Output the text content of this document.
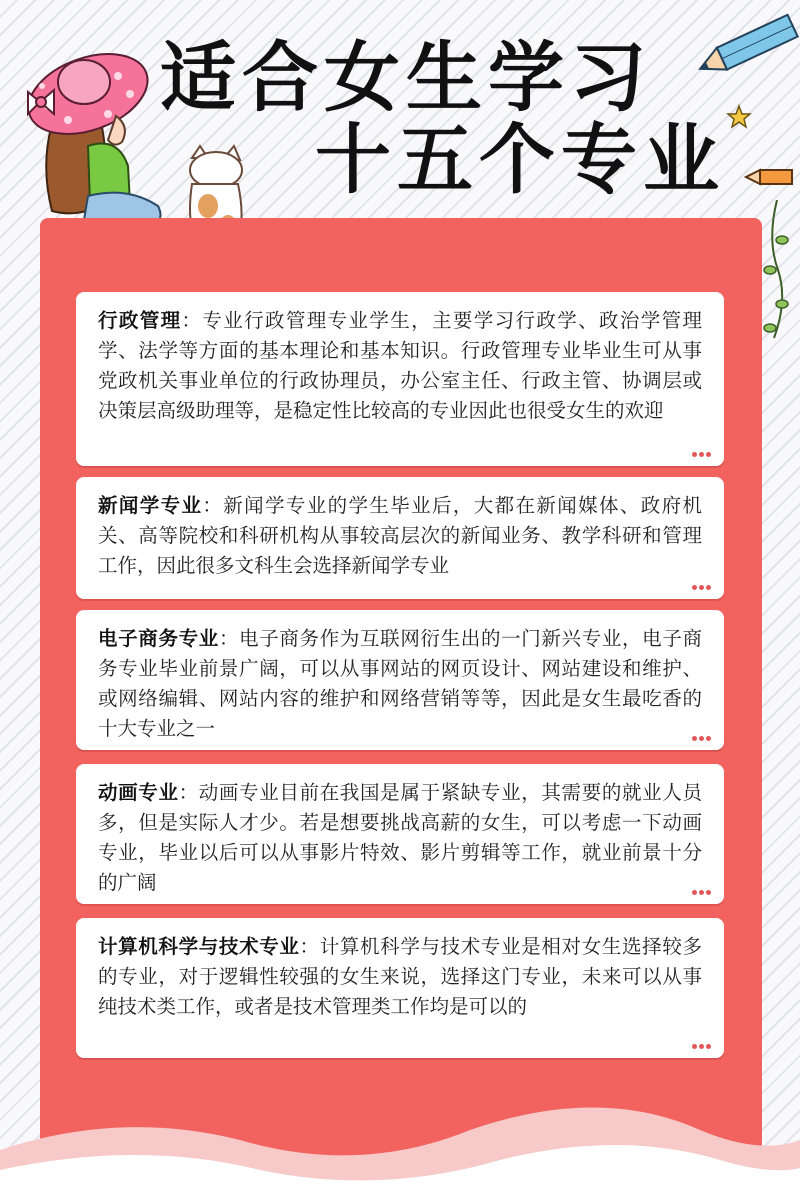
适合女生学习
十五个专业

行政管理：专业行政管理专业学生，主要学习行政学、政治学管理学、法学等方面的基本理论和基本知识。行政管理专业毕业生可从事党政机关事业单位的行政协理员，办公室主任、行政主管、协调层或决策层高级助理等，是稳定性比较高的专业因此也很受女生的欢迎

新闻学专业：新闻学专业的学生毕业后，大都在新闻媒体、政府机关、高等院校和科研机构从事较高层次的新闻业务、教学科研和管理工作，因此很多文科生会选择新闻学专业

电子商务专业：电子商务作为互联网衍生出的一门新兴专业，电子商务专业毕业前景广阔，可以从事网站的网页设计、网站建设和维护、或网络编辑、网站内容的维护和网络营销等等，因此是女生最吃香的十大专业之一

动画专业：动画专业目前在我国是属于紧缺专业，其需要的就业人员多，但是实际人才少。若是想要挑战高薪的女生，可以考虑一下动画专业，毕业以后可以从事影片特效、影片剪辑等工作，就业前景十分的广阔

计算机科学与技术专业：计算机科学与技术专业是相对女生选择较多的专业，对于逻辑性较强的女生来说，选择这门专业，未来可以从事纯技术类工作，或者是技术管理类工作均是可以的
